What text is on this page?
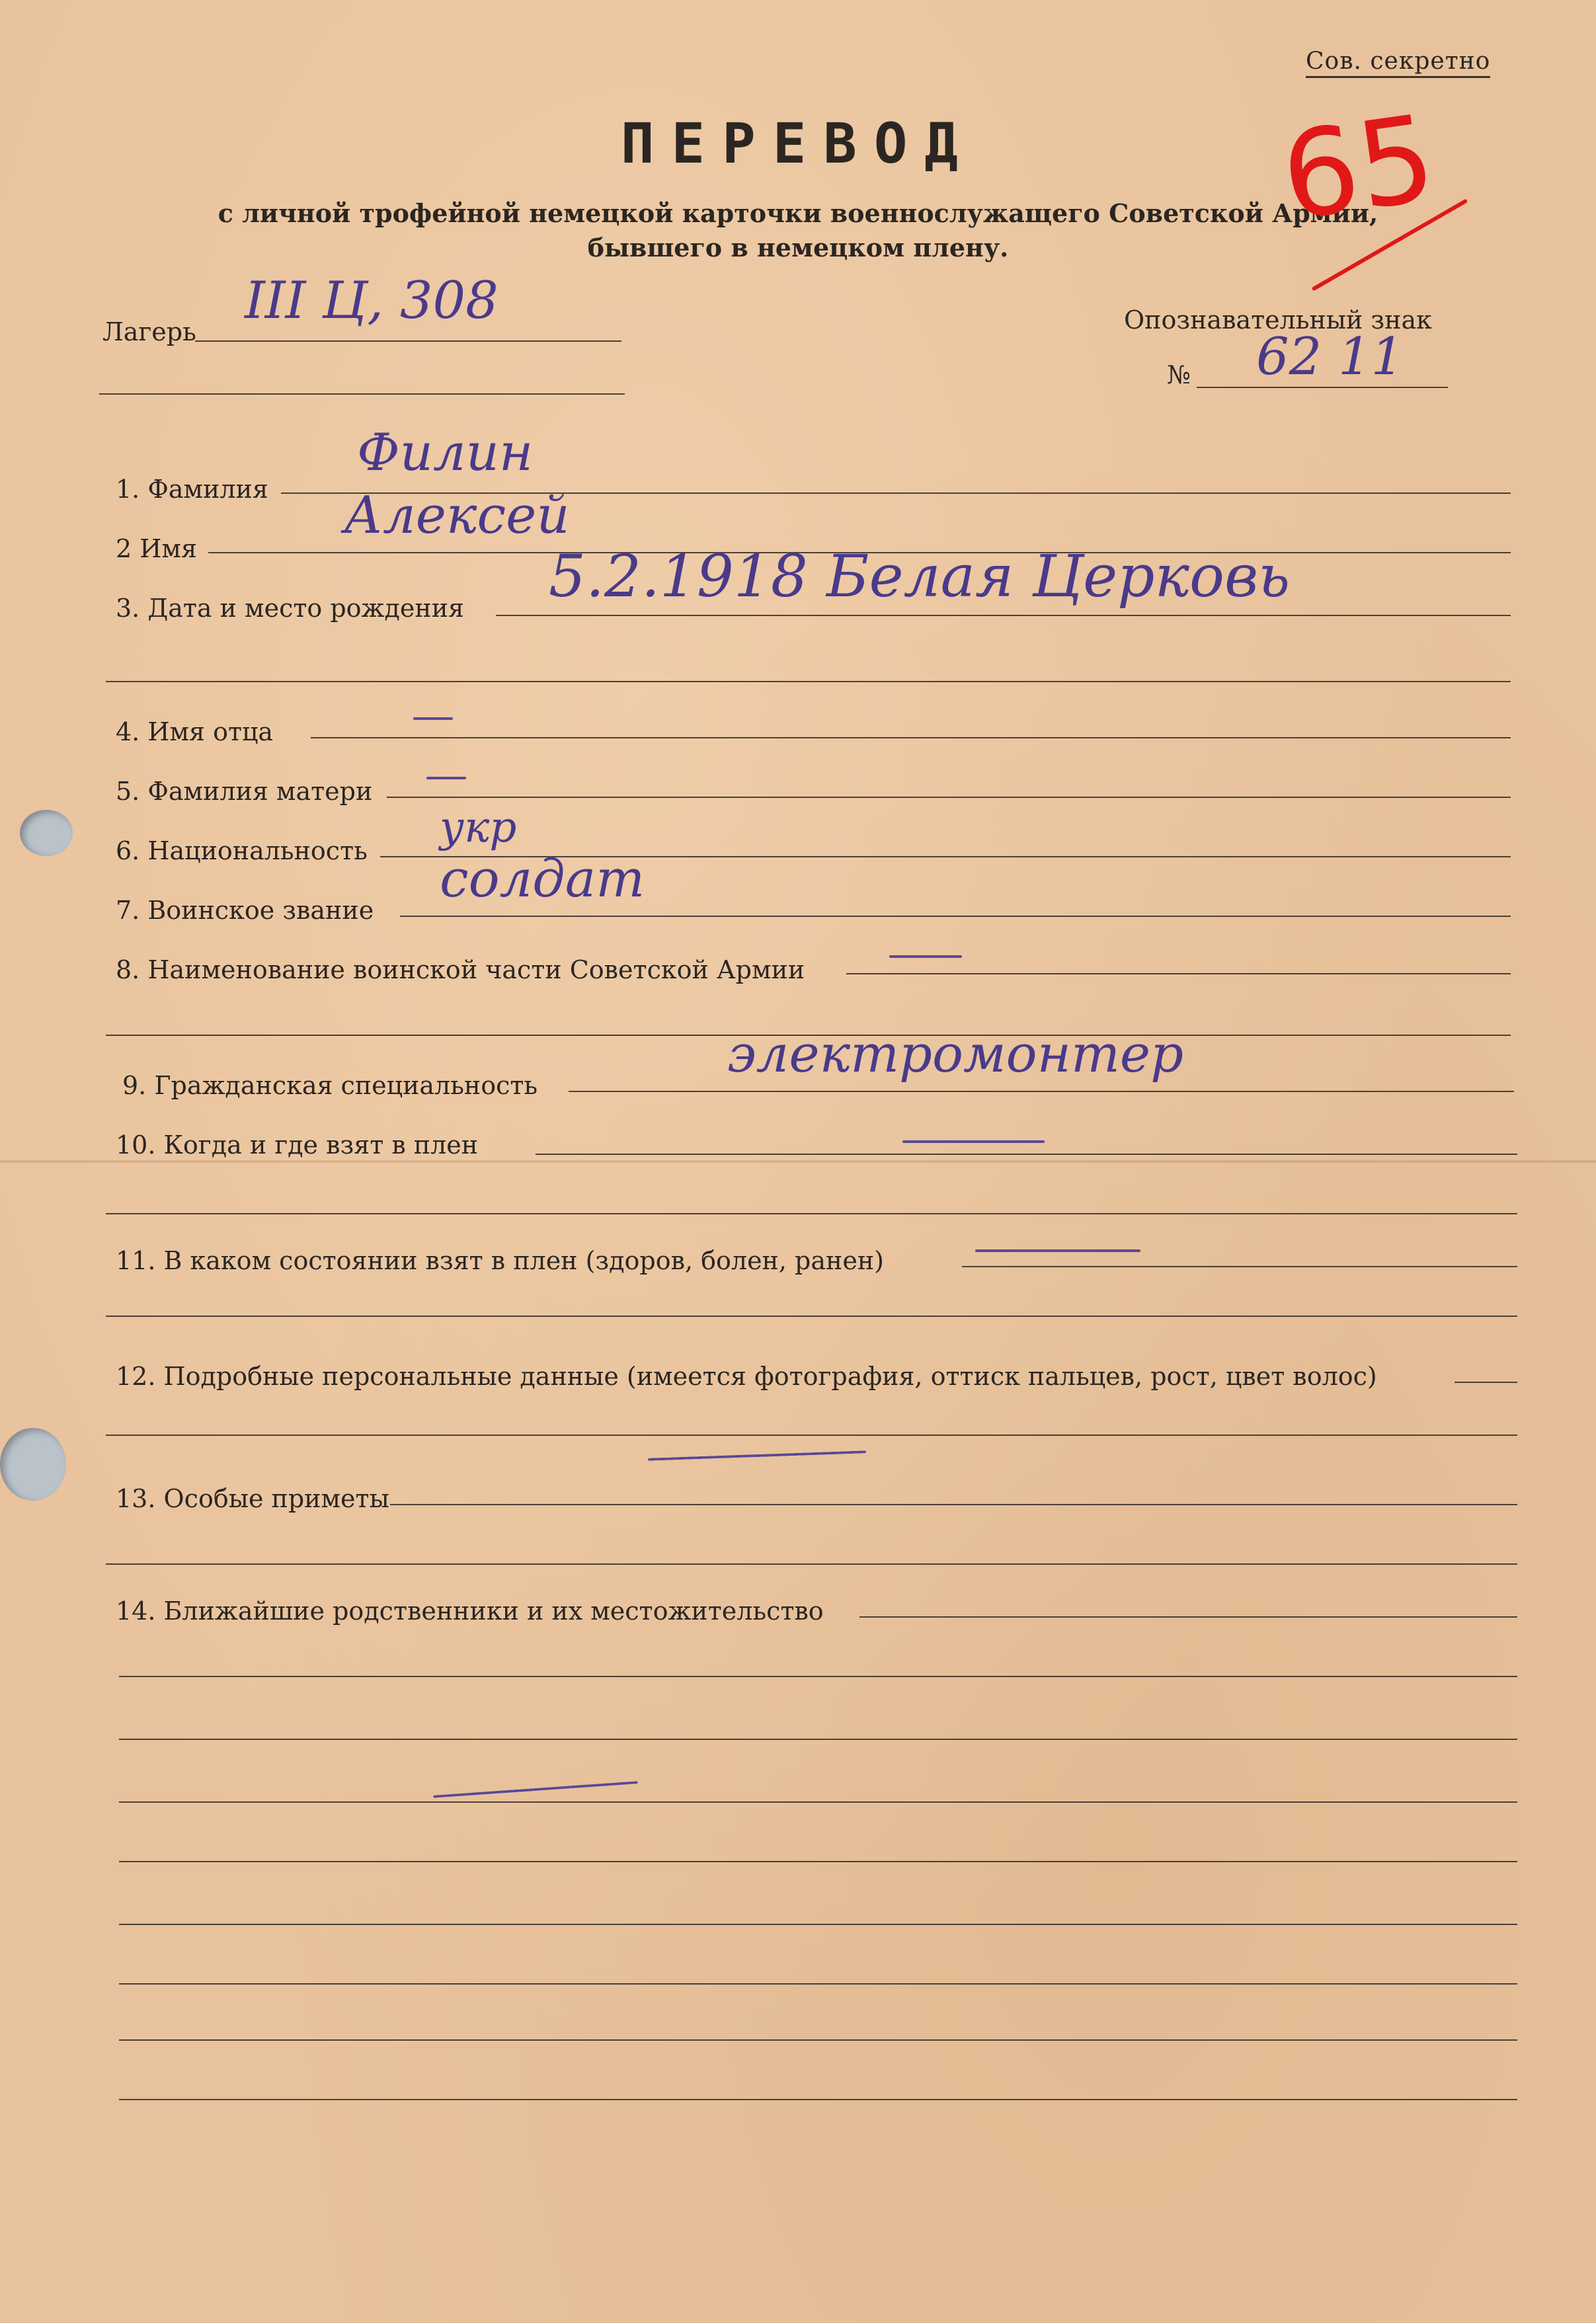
Сов. секретно
ПЕРЕВОД
с личной трофейной немецкой карточки военнослужащего Советской Армии,
бывшего в немецком плену.
65
Лагерь
III Ц, 308	Опознавательный знак
№ 62 11
1. Фамилия
Филин
2 Имя
Алексей
3. Дата и место рождения 5.2.1918 Белая Церковь
4. Имя отца
5. Фамилия матери
6. Национальность укр
7. Воинское звание
солдат
8. Наименование воинской части Советской Армии
9. Гражданская специальность
электромонтер
10. Когда и где взят в плен
11. В каком состоянии взят в плен (здоров, болен, ранен)
12. Подробные персональные данные (имеется фотография, оттиск пальцев, рост, цвет волос)
13. Особые приметы
14. Ближайшие родственники и их местожительство
